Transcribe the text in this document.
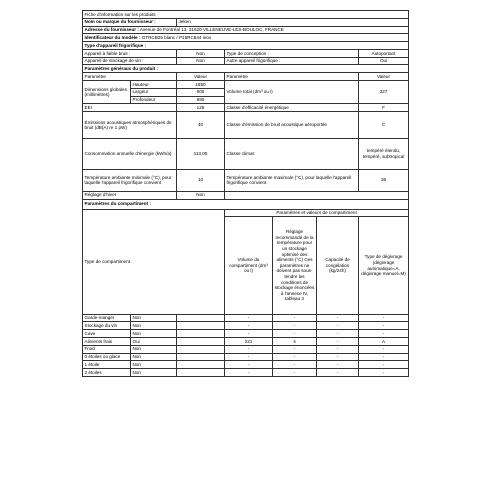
Fiche d'information sur les produits						
Nom ou marque du fournisseur :		Jeken				
Adresse du fournisseur : Avenue de Fontréal 13, 31620 VILLENEUVE-LES-BOULOC, FRANCE						
Identificateur du modèle : GTRCB25 blanc / P16RC844 inox						
Type d'appareil frigorifique :						
Appareil à faible bruit :		Non	Type de conception :			Autoportant
Appareil de stockage de vin :		Non	Autre appareil frigorifique :			Oui
Paramètres généraux du produit :						
Paramètre		Valeur	Paramètre			Valeur
Dimensions globales (millimètres)	Hauteur	1850	Volume total (dm³ ou l)			327
	Largeur	600				
	Profondeur	690				
EEI		125	Classe d'efficacité énergétique			F
Émissions acoustiques atmosphériques de bruit (dB(A) re 1 pW)		40	Classe d'émission de bruit acoustique aéroportée			C
Consommation annuelle d'énergie (kWh/a)		113,00	Classe climat:			tempéré étendu, tempéré, subtropical
Température ambiante minimale (°C), pour laquelle l'appareil frigorifique convient		10	Température ambiante maximale (°C), pour laquelle l'appareil frigorifique convient			38
Réglage d'hiver		Non				
Paramètres du compartiment :						
Type de compartiment			Paramètres et valeurs de compartiment			
			Volume du compartiment (dm³ ou l)	Réglage recommandé de la température pour un stockage optimisé des aliments (°C) Ces paramètres ne doivent pas sous-tendre les conditions de stockage énoncées à l'annexe IV, tableau 3	Capacité de congélation (kg/24h)	Type de dégivrage (dégivrage automatique=A, dégivrage manuel=M)
Garde-manger	Non		-	-	-	-
Stockage du vin	Non		-	-	-	-
Cave	Non		-	-	-	-
Aliments frais	Oui		221	4	-	A
Froid	Non		-	-	-	-
0 étoiles ou glace	Non		-	-	-	-
1 étoile	Non		-	-	-	-
2 étoiles	Non		-	-	-	-
